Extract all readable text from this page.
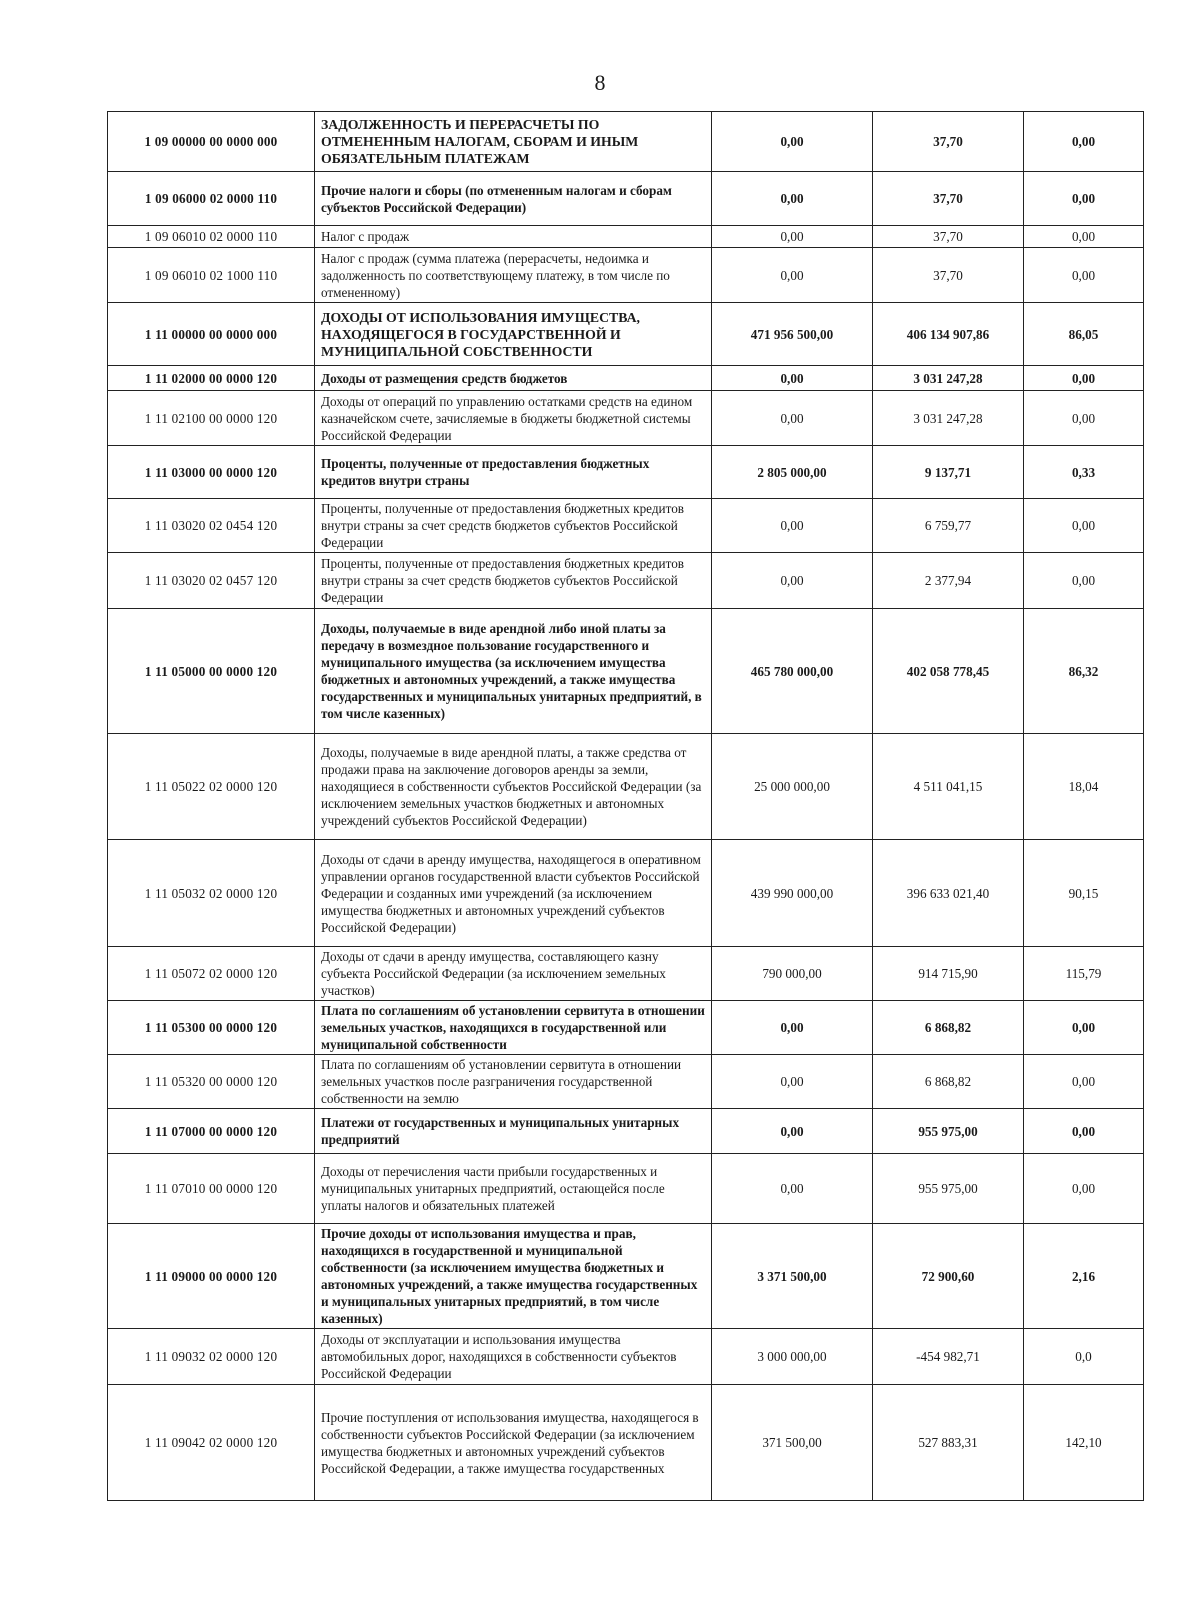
8
1 09 00000 00 0000 000	ЗАДОЛЖЕННОСТЬ И ПЕРЕРАСЧЕТЫ ПО ОТМЕНЕННЫМ НАЛОГАМ, СБОРАМ И ИНЫМ ОБЯЗАТЕЛЬНЫМ ПЛАТЕЖАМ	0,00	37,70	0,00
1 09 06000 02 0000 110	Прочие налоги и сборы (по отмененным налогам и сборам субъектов Российской Федерации)	0,00	37,70	0,00
1 09 06010 02 0000 110	Налог с продаж	0,00	37,70	0,00
1 09 06010 02 1000 110	Налог с продаж (сумма платежа (перерасчеты, недоимка и задолженность по соответствующему платежу, в том числе по отмененному)	0,00	37,70	0,00
1 11 00000 00 0000 000	ДОХОДЫ ОТ ИСПОЛЬЗОВАНИЯ ИМУЩЕСТВА, НАХОДЯЩЕГОСЯ В ГОСУДАРСТВЕННОЙ И МУНИЦИПАЛЬНОЙ СОБСТВЕННОСТИ	471 956 500,00	406 134 907,86	86,05
1 11 02000 00 0000 120	Доходы от размещения средств бюджетов	0,00	3 031 247,28	0,00
1 11 02100 00 0000 120	Доходы от операций по управлению остатками средств на едином казначейском счете, зачисляемые в бюджеты бюджетной системы Российской Федерации	0,00	3 031 247,28	0,00
1 11 03000 00 0000 120	Проценты, полученные от предоставления бюджетных кредитов внутри страны	2 805 000,00	9 137,71	0,33
1 11 03020 02 0454 120	Проценты, полученные от предоставления бюджетных кредитов внутри страны за счет средств бюджетов субъектов Российской Федерации	0,00	6 759,77	0,00
1 11 03020 02 0457 120	Проценты, полученные от предоставления бюджетных кредитов внутри страны за счет средств бюджетов субъектов Российской Федерации	0,00	2 377,94	0,00
1 11 05000 00 0000 120	Доходы, получаемые в виде арендной либо иной платы за передачу в возмездное пользование государственного и муниципального имущества (за исключением имущества бюджетных и автономных учреждений, а также имущества государственных и муниципальных унитарных предприятий, в том числе казенных)	465 780 000,00	402 058 778,45	86,32
1 11 05022 02 0000 120	Доходы, получаемые в виде арендной платы, а также средства от продажи права на заключение договоров аренды за земли, находящиеся в собственности субъектов Российской Федерации (за исключением земельных участков бюджетных и автономных учреждений субъектов Российской Федерации)	25 000 000,00	4 511 041,15	18,04
1 11 05032 02 0000 120	Доходы от сдачи в аренду имущества, находящегося в оперативном управлении органов государственной власти субъектов Российской Федерации и созданных ими учреждений (за исключением имущества бюджетных и автономных учреждений субъектов Российской Федерации)	439 990 000,00	396 633 021,40	90,15
1 11 05072 02 0000 120	Доходы от сдачи в аренду имущества, составляющего казну субъекта Российской Федерации (за исключением земельных участков)	790 000,00	914 715,90	115,79
1 11 05300 00 0000 120	Плата по соглашениям об установлении сервитута в отношении земельных участков, находящихся в государственной или муниципальной собственности	0,00	6 868,82	0,00
1 11 05320 00 0000 120	Плата по соглашениям об установлении сервитута в отношении земельных участков после разграничения государственной собственности на землю	0,00	6 868,82	0,00
1 11 07000 00 0000 120	Платежи от государственных и муниципальных унитарных предприятий	0,00	955 975,00	0,00
1 11 07010 00 0000 120	Доходы от перечисления части прибыли государственных и муниципальных унитарных предприятий, остающейся после уплаты налогов и обязательных платежей	0,00	955 975,00	0,00
1 11 09000 00 0000 120	Прочие доходы от использования имущества и прав, находящихся в государственной и муниципальной собственности (за исключением имущества бюджетных и автономных учреждений, а также имущества государственных и муниципальных унитарных предприятий, в том числе казенных)	3 371 500,00	72 900,60	2,16
1 11 09032 02 0000 120	Доходы от эксплуатации и использования имущества автомобильных дорог, находящихся в собственности субъектов Российской Федерации	3 000 000,00	-454 982,71	0,0
1 11 09042 02 0000 120	Прочие поступления от использования имущества, находящегося в собственности субъектов Российской Федерации (за исключением имущества бюджетных и автономных учреждений субъектов Российской Федерации, а также имущества государственных	371 500,00	527 883,31	142,10
